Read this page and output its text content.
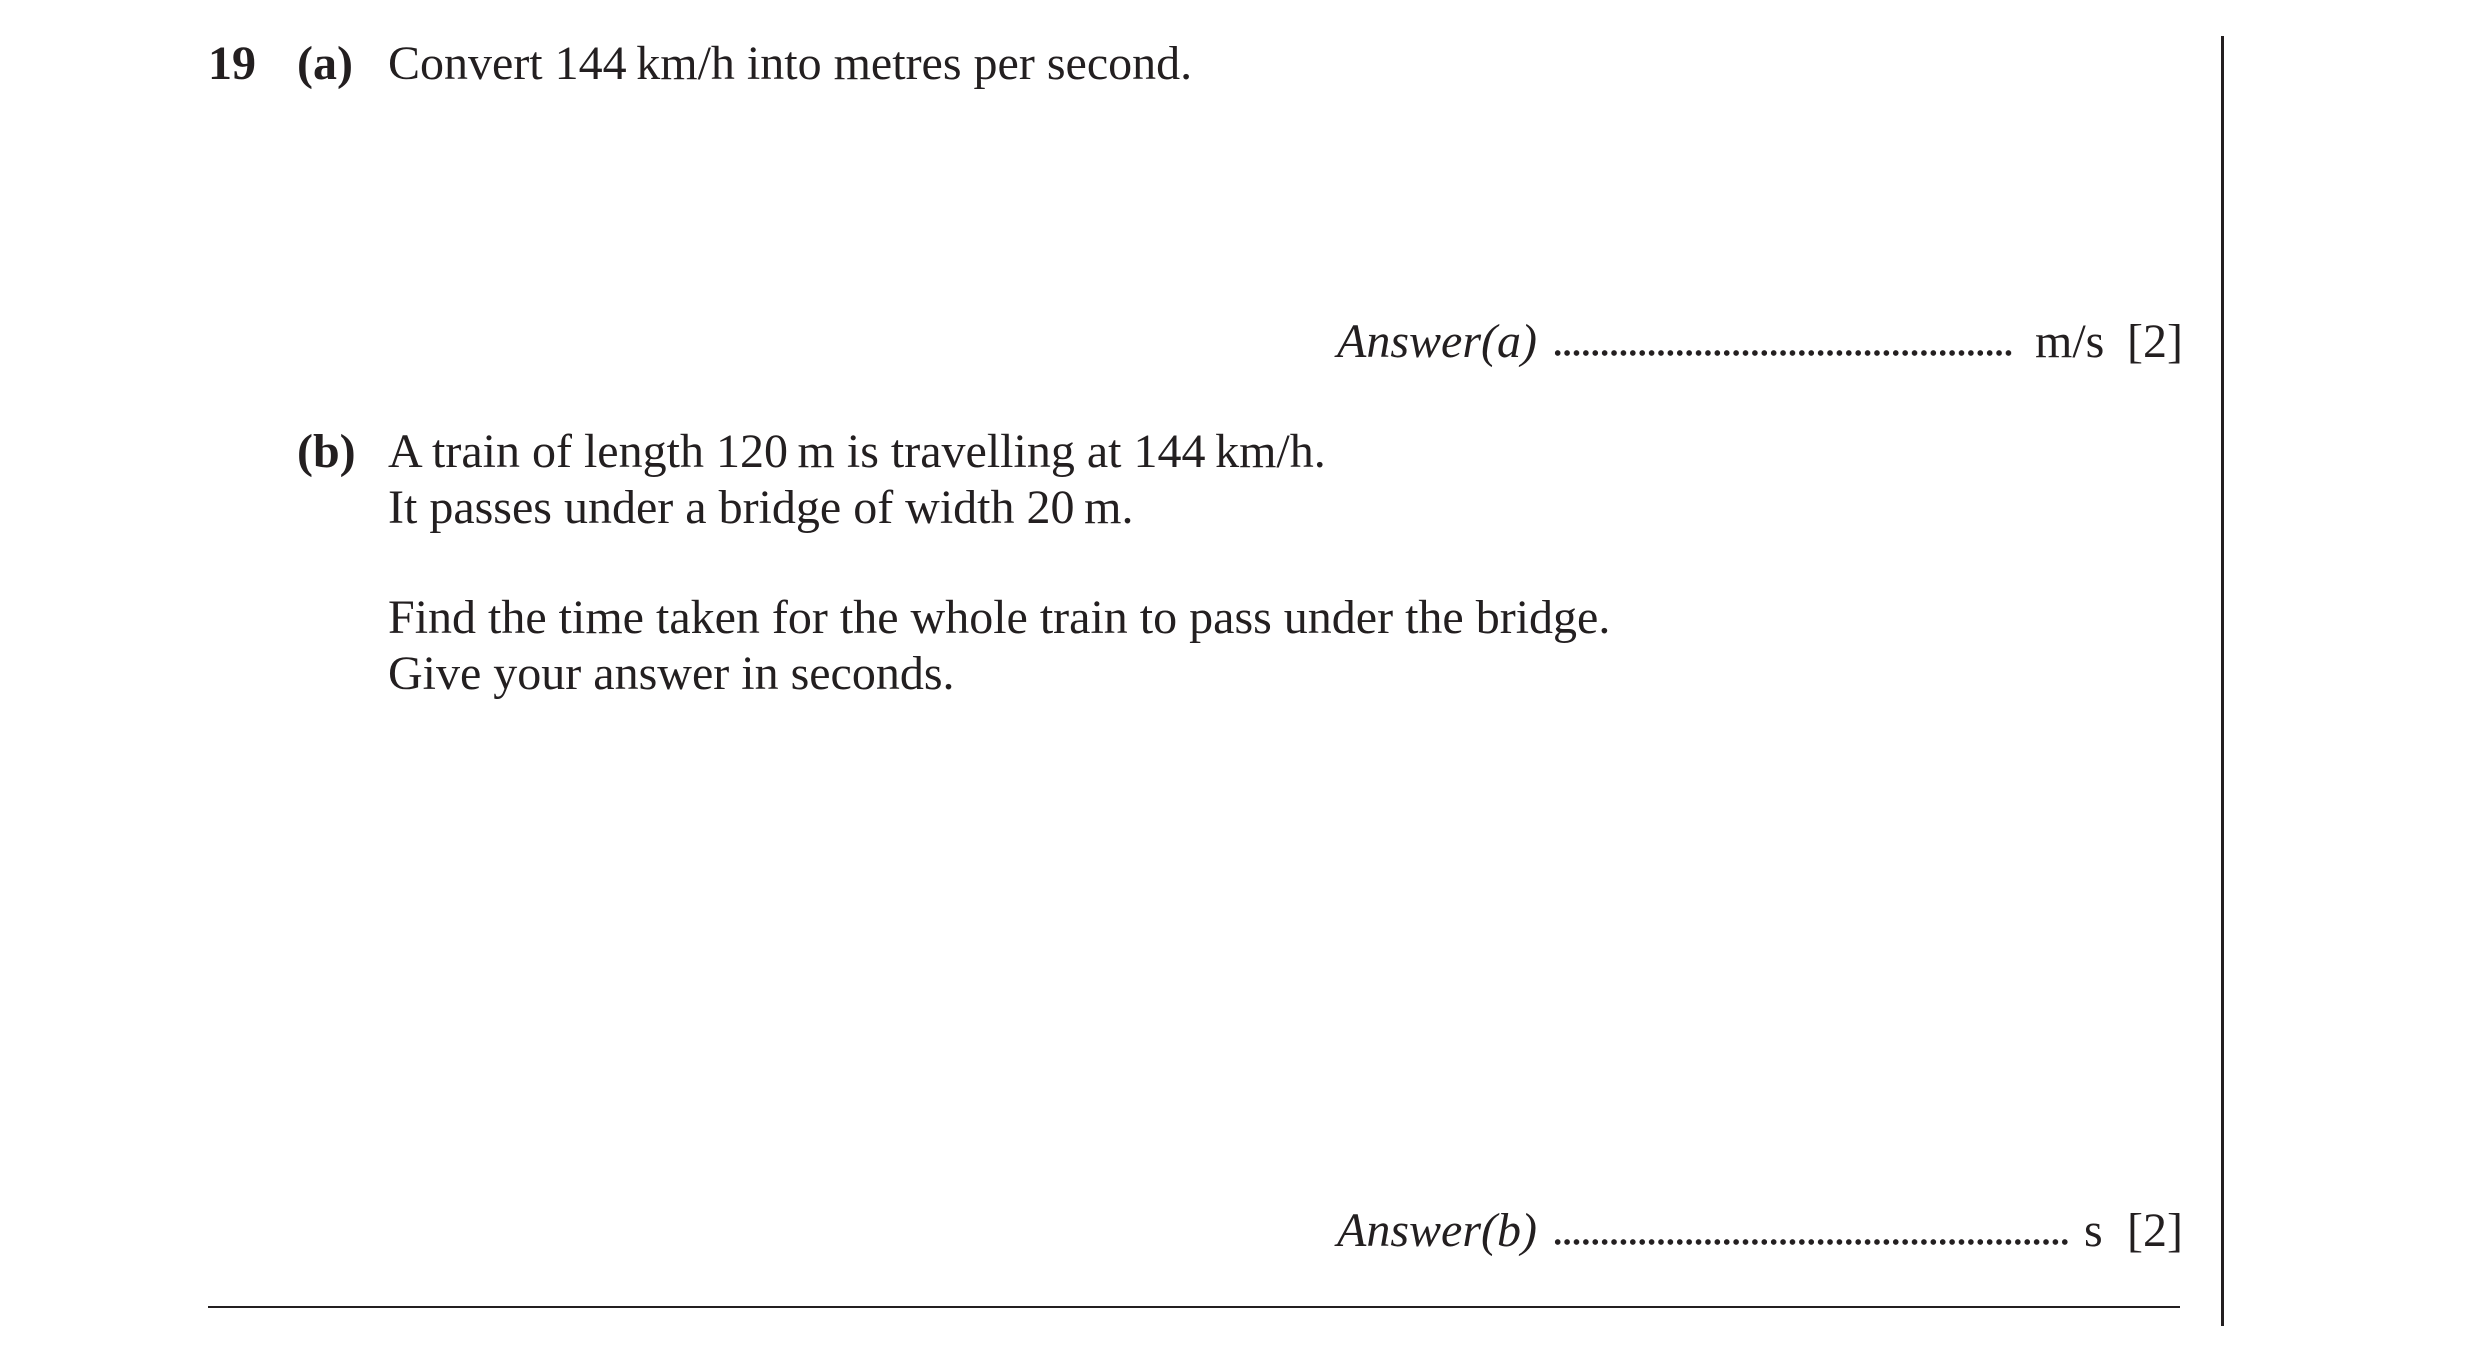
19 (a) Convert 144 km/h into metres per second.
Answer(a)	m/s [2]
(b) A train of length 120 m is travelling at 144 km/h.
It passes under a bridge of width 20 m.
Find the time taken for the whole train to pass under the bridge.
Give your answer in seconds.
Answer(b)	s [2]
